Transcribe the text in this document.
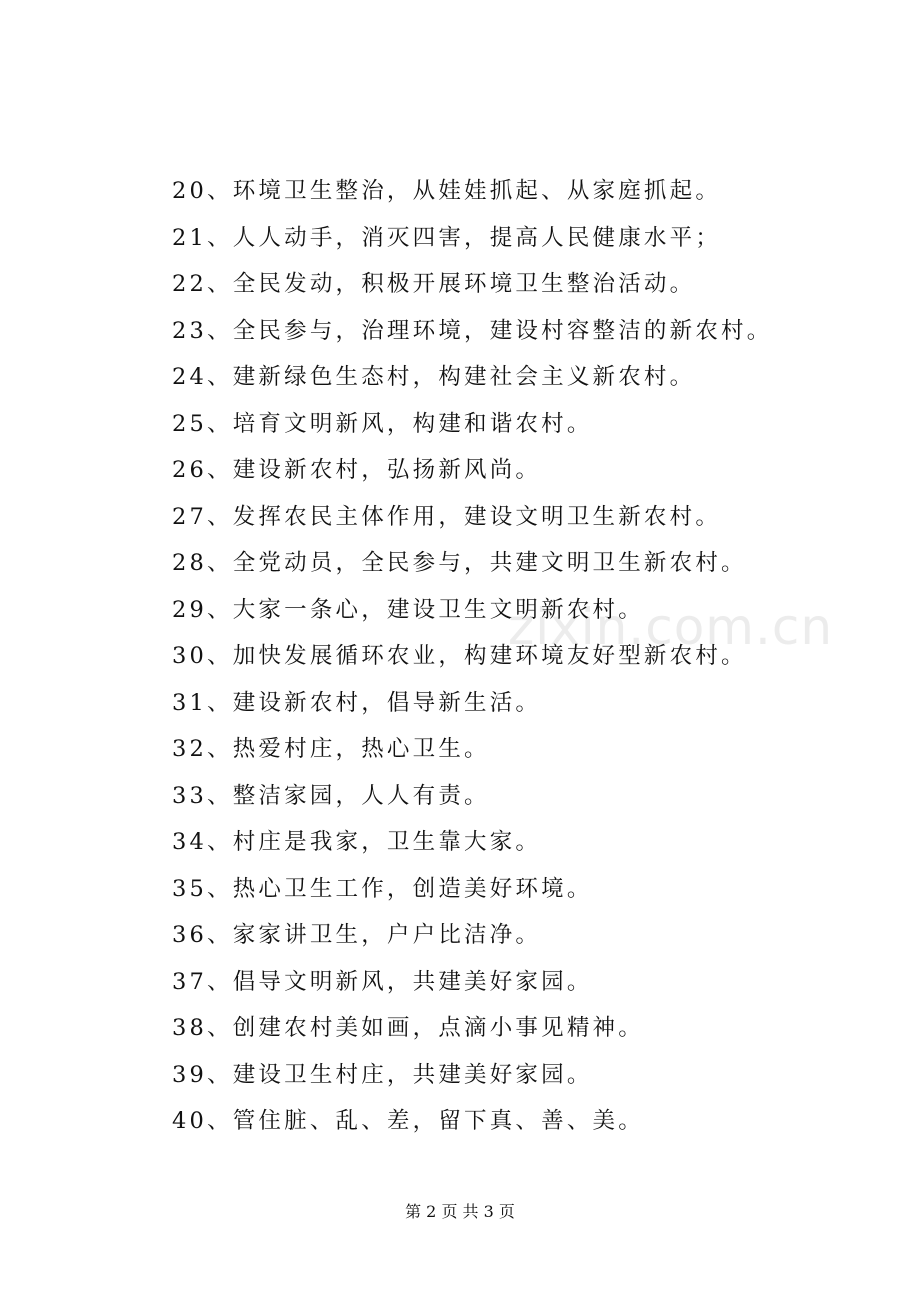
zixin.com.cn
20、环境卫生整治，从娃娃抓起、从家庭抓起。
21、人人动手，消灭四害，提高人民健康水平；
22、全民发动，积极开展环境卫生整治活动。
23、全民参与，治理环境，建设村容整洁的新农村。
24、建新绿色生态村，构建社会主义新农村。
25、培育文明新风，构建和谐农村。
26、建设新农村，弘扬新风尚。
27、发挥农民主体作用，建设文明卫生新农村。
28、全党动员，全民参与，共建文明卫生新农村。
29、大家一条心，建设卫生文明新农村。
30、加快发展循环农业，构建环境友好型新农村。
31、建设新农村，倡导新生活。
32、热爱村庄，热心卫生。
33、整洁家园，人人有责。
34、村庄是我家，卫生靠大家。
35、热心卫生工作，创造美好环境。
36、家家讲卫生，户户比洁净。
37、倡导文明新风，共建美好家园。
38、创建农村美如画，点滴小事见精神。
39、建设卫生村庄，共建美好家园。
40、管住脏、乱、差，留下真、善、美。
第 2 页 共 3 页
